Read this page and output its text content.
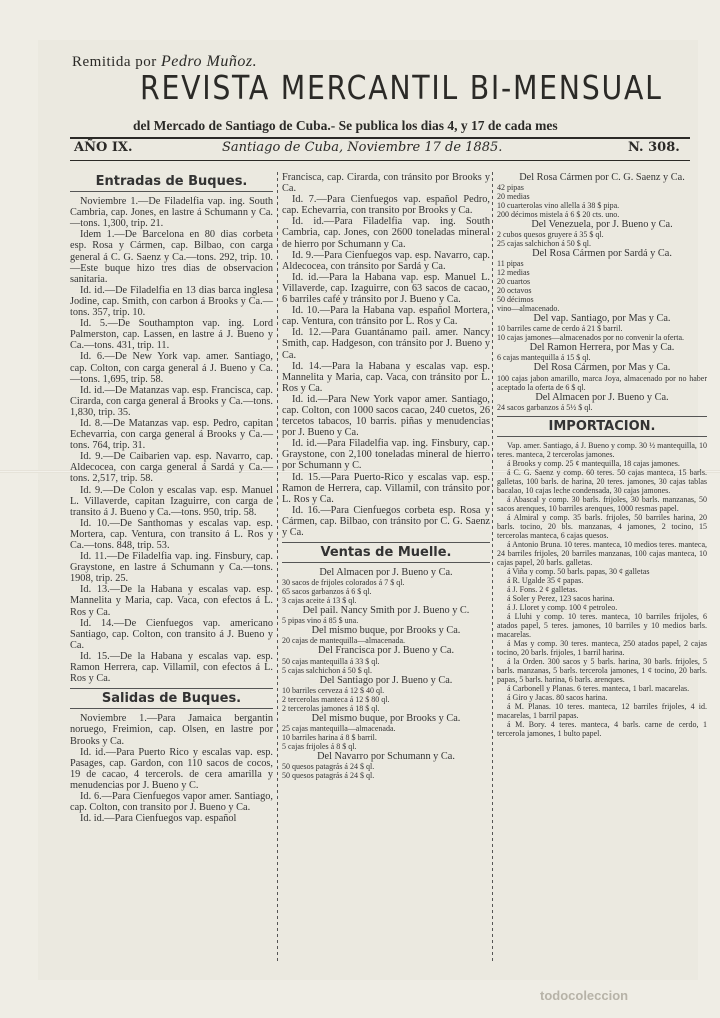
Remitida por Pedro Muñoz.
REVISTA MERCANTIL BI-MENSUAL
del Mercado de Santiago de Cuba.- Se publica los dias 4, y 17 de cada mes
AÑO IX.	Santiago de Cuba, Noviembre 17 de 1885.	N. 308.
Entradas de Buques.

Noviembre 1.—De Filadelfia vap. ing. South Cambria, cap. Jones, en lastre á Schumann y Ca.—tons. 1,300, trip. 21.

Idem 1.—De Barcelona en 80 dias corbeta esp. Rosa y Cármen, cap. Bilbao, con carga general á C. G. Saenz y Ca.—tons. 292, trip. 10.—Este buque hizo tres dias de observacion sanitaria.

Id. id.—De Filadelfia en 13 dias barca inglesa Jodine, cap. Smith, con carbon á Brooks y Ca.—tons. 357, trip. 10.

Id. 5.—De Southampton vap. ing. Lord Palmerston, cap. Lassen, en lastre á J. Bueno y Ca.—tons. 431, trip. 11.

Id. 6.—De New York vap. amer. Santiago, cap. Colton, con carga general á J. Bueno y Ca.—tons. 1,695, trip. 58.

Id. id.—De Matanzas vap. esp. Francisca, cap. Cirarda, con carga general á Brooks y Ca.—tons. 1,830, trip. 35.

Id. 8.—De Matanzas vap. esp. Pedro, capitan Echevarria, con carga general á Brooks y Ca.—tons. 764, trip. 31.

Id. 9.—De Caibarien vap. esp. Navarro, cap. Aldecocea, con carga general á Sardá y Ca.—tons. 2,517, trip. 58.

Id. 9.—De Colon y escalas vap. esp. Manuel L. Villaverde, capitan Izaguirre, con carga de transito á J. Bueno y Ca.—tons. 950, trip. 58.

Id. 10.—De Santhomas y escalas vap. esp. Mortera, cap. Ventura, con transito á L. Ros y Ca.—tons. 848, trip. 53.

Id. 11.—De Filadelfia vap. ing. Finsbury, cap. Graystone, en lastre á Schumann y Ca.—tons. 1908, trip. 25.

Id. 13.—De la Habana y escalas vap. esp. Mannelita y Maria, cap. Vaca, con efectos á L. Ros y Ca.

Id. 14.—De Cienfuegos vap. americano Santiago, cap. Colton, con transito á J. Bueno y Ca.

Id. 15.—De la Habana y escalas vap. esp. Ramon Herrera, cap. Villamil, con efectos á L. Ros y Ca.

Salidas de Buques.

Noviembre 1.—Para Jamaica bergantin noruego, Freimion, cap. Olsen, en lastre por Brooks y Ca.

Id. id.—Para Puerto Rico y escalas vap. esp. Pasages, cap. Gardon, con 110 sacos de cocos, 19 de cacao, 4 tercerols. de cera amarilla y menudencias por J. Bueno y C.

Id. 6.—Para Cienfuegos vapor amer. Santiago, cap. Colton, con transito por J. Bueno y Ca.

Id. id.—Para Cienfuegos vap. español

Francisca, cap. Cirarda, con tránsito por Brooks y Ca.

Id. 7.—Para Cienfuegos vap. español Pedro, cap. Echevarria, con transito por Brooks y Ca.

Id. id.—Para Filadelfia vap. ing. South Cambria, cap. Jones, con 2600 toneladas mineral de hierro por Schumann y Ca.

Id. 9.—Para Cienfuegos vap. esp. Navarro, cap. Aldecocea, con tránsito por Sardá y Ca.

Id. id.—Para la Habana vap. esp. Manuel L. Villaverde, cap. Izaguirre, con 63 sacos de cacao, 6 barriles café y tránsito por J. Bueno y Ca.

Id. 10.—Para la Habana vap. español Mortera, cap. Ventura, con tránsito por L. Ros y Ca.

Id. 12.—Para Guantánamo pail. amer. Nancy Smith, cap. Hadgeson, con tránsito por J. Bueno y Ca.

Id. 14.—Para la Habana y escalas vap. esp. Mannelita y Maria, cap. Vaca, con tránsito por L. Ros y Ca.

Id. id.—Para New York vapor amer. Santiago, cap. Colton, con 1000 sacos cacao, 240 cuetos, 26 tercetos tabacos, 10 barris. piñas y menudencias por J. Bueno y Ca.

Id. id.—Para Filadelfia vap. ing. Finsbury, cap. Graystone, con 2,100 toneladas mineral de hierro por Schumann y C.

Id. 15.—Para Puerto-Rico y escalas vap. esp. Ramon de Herrera, cap. Villamil, con tránsito por L. Ros y Ca.

Id. 16.—Para Cienfuegos corbeta esp. Rosa y Cármen, cap. Bilbao, con tránsito por C. G. Saenz y Ca.

Ventas de Muelle.

Del Almacen por J. Bueno y Ca.

30 sacos de frijoles colorados á 7 $ ql.

65 sacos garbanzos á 6 $ ql.

3 cajas aceite á 13 $ ql.

Del pail. Nancy Smith por J. Bueno y C.

5 pipas vino á 85 $ una.

Del mismo buque, por Brooks y Ca.

20 cajas de mantequilla—almacenada.

Del Francisca por J. Bueno y Ca.

50 cajas mantequilla á 33 $ ql.

5 cajas salchichon á 50 $ ql.

Del Santiago por J. Bueno y Ca.

10 barriles cerveza á 12 $ 40 ql.

2 tercerolas manteca á 12 $ 80 ql.

2 tercerolas jamones á 18 $ ql.

Del mismo buque, por Brooks y Ca.

25 cajas mantequilla—almacenada.

10 barriles harina á 8 $ barril.

5 cajas frijoles á 8 $ ql.

Del Navarro por Schumann y Ca.

50 quesos patagrás á 24 $ ql.

50 quesos patagrás á 24 $ ql.

Del Rosa Cármen por C. G. Saenz y Ca.

42 pipas

20 medias

10 cuarterolas vino allella á 38 $ pipa.

200 décimos mistela á 6 $ 20 cts. uno.

Del Venezuela, por J. Bueno y Ca.

2 cubos quesos gruyere á 35 $ ql.

25 cajas salchichon á 50 $ ql.

Del Rosa Cármen por Sardá y Ca.

11 pipas

12 medias

20 cuartos

20 octavos

50 décimos

vino—almacenado.

Del vap. Santiago, por Mas y Ca.

10 barriles carne de cerdo á 21 $ barril.

10 cajas jamones—almacenados por no convenir la oferta.

Del Ramon Herrera, por Mas y Ca.

6 cajas mantequilla á 15 $ ql.

Del Rosa Cármen, por Mas y Ca.

100 cajas jabon amarillo, marca Joya, almacenado por no haber aceptado la oferta de 6 $ ql.

Del Almacen por J. Bueno y Ca.

24 sacos garbanzos á 5½ $ ql.

IMPORTACION.

Vap. amer. Santiago, á J. Bueno y comp. 30 ½ mantequilla, 10 teres. manteca, 2 tercerolas jamones.

á Brooks y comp. 25 ¢ mantequilla, 18 cajas jamones.

á C. G. Saenz y comp. 60 teres. 50 cajas manteca, 15 barls. galletas, 100 barls. de harina, 20 teres. jamones, 30 cajas tablas bacalao, 10 cajas leche condensada, 30 cajas jamones.

á Abascal y comp. 30 barls. frijoles, 30 barls. manzanas, 50 sacos arenques, 10 barriles arenques, 1000 resmas papel.

á Almiral y comp. 35 barls. frijoles, 50 barriles harina, 20 barls. tocino, 20 bls. manzanas, 4 jamones, 2 tocino, 15 tercerolas manteca, 6 cajas quesos.

á Antonio Bruna. 10 teres. manteca, 10 medios teres. manteca, 24 barriles frijoles, 20 barriles manzanas, 100 cajas manteca, 10 cajas papel, 20 barls. galletas.

á Viña y comp. 50 barls. papas, 30 ¢ galletas

á R. Ugalde 35 ¢ papas.

á J. Fons. 2 ¢ galletas.

á Soler y Perez, 123 sacos harina.

á J. Lloret y comp. 100 ¢ petroleo.

á Lluhi y comp. 10 teres. manteca, 10 barriles frijoles, 6 atados papel, 5 teres. jamones, 10 barriles y 10 medios barls. macarelas.

á Mas y comp. 30 teres. manteca, 250 atados papel, 2 cajas tocino, 20 barls. frijoles, 1 barril harina.

á la Orden. 300 sacos y 5 barls. harina, 30 barls. frijoles, 5 barls. manzanas, 5 barls. tercerola jamones, 1 ¢ tocino, 20 barls. papas, 5 barls. harina, 6 barls. arenques.

á Carbonell y Planas. 6 teres. manteca, 1 barl. macarelas.

á Giro y Jacas. 80 sacos harina.

á M. Planas. 10 teres. manteca, 12 barriles frijoles, 4 id. macarelas, 1 barril papas.

á M. Bory. 4 teres. manteca, 4 barls. carne de cerdo, 1 tercerola jamones, 1 bulto papel.

todocoleccion
